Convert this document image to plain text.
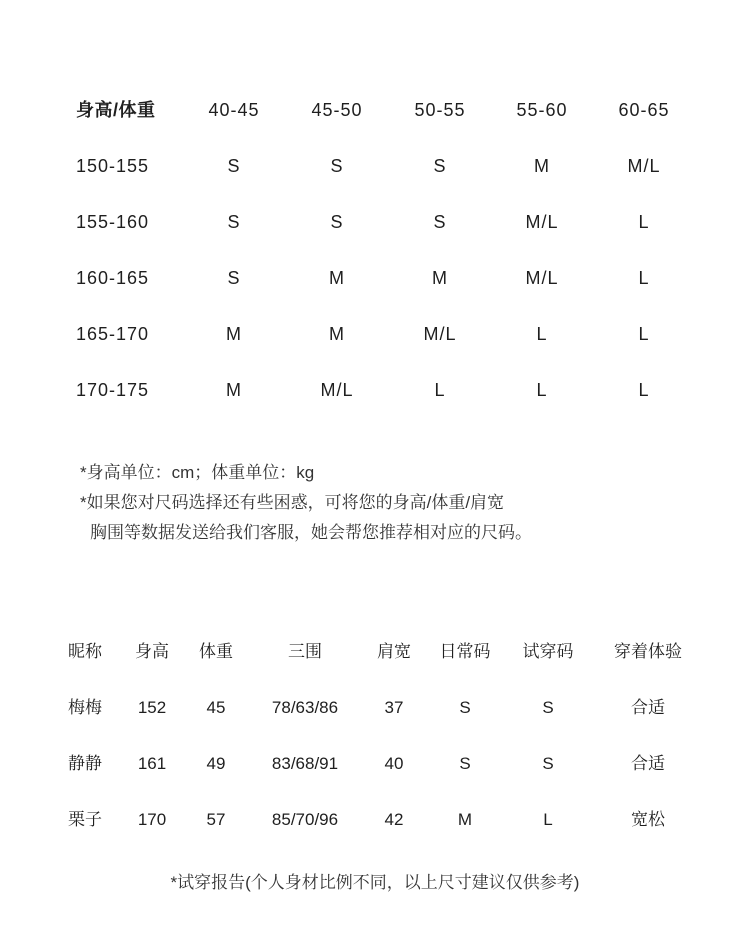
身高/体重	40-45	45-50	50-55	55-60	60-65
150-155	S	S	S	M	M/L
155-160	S	S	S	M/L	L
160-165	S	M	M	M/L	L
165-170	M	M	M/L	L	L
170-175	M	M/L	L	L	L
*身高单位：cm；体重单位：kg
*如果您对尺码选择还有些困惑，可将您的身高/体重/肩宽
胸围等数据发送给我们客服，她会帮您推荐相对应的尺码。
昵称	身高	体重	三围	肩宽	日常码	试穿码	穿着体验
梅梅	152	45	78/63/86	37	S	S	合适
静静	161	49	83/68/91	40	S	S	合适
栗子	170	57	85/70/96	42	M	L	宽松
*试穿报告(个人身材比例不同，以上尺寸建议仅供参考)
